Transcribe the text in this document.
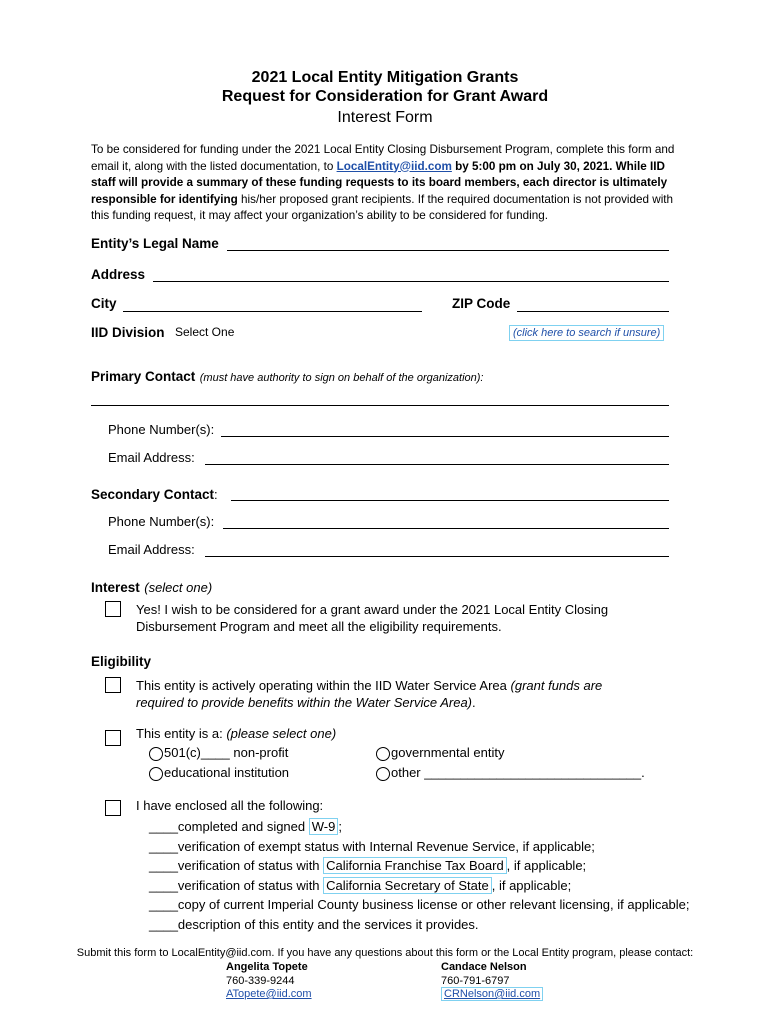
2021 Local Entity Mitigation Grants
Request for Consideration for Grant Award
Interest Form
To be considered for funding under the 2021 Local Entity Closing Disbursement Program, complete this form and email it, along with the listed documentation, to LocalEntity@iid.com by 5:00 pm on July 30, 2021. While IID staff will provide a summary of these funding requests to its board members, each director is ultimately responsible for identifying his/her proposed grant recipients. If the required documentation is not provided with this funding request, it may affect your organization’s ability to be considered for funding.
Entity’s Legal Name
Address
City	ZIP Code
IID Division Select One	(click here to search if unsure)
Primary Contact (must have authority to sign on behalf of the organization):
Phone Number(s):
Email Address:
Secondary Contact:
Phone Number(s):
Email Address:
Interest (select one)
Yes! I wish to be considered for a grant award under the 2021 Local Entity Closing
Disbursement Program and meet all the eligibility requirements.
Eligibility
This entity is actively operating within the IID Water Service Area (grant funds are
required to provide benefits within the Water Service Area).
This entity is a: (please select one)
501(c)____ non-profit	governmental entity
educational institution	other ______________________________.
I have enclosed all the following:
____completed and signed W-9 ;
____verification of exempt status with Internal Revenue Service, if applicable;
____verification of status with California Franchise Tax Board , if applicable;
____verification of status with California Secretary of State , if applicable;
____copy of current Imperial County business license or other relevant licensing, if applicable;
____description of this entity and the services it provides.
Submit this form to LocalEntity@iid.com. If you have any questions about this form or the Local Entity program, please contact:
Angelita Topete
760-339-9244
ATopete@iid.com
Candace Nelson
760-791-6797
CRNelson@iid.com
